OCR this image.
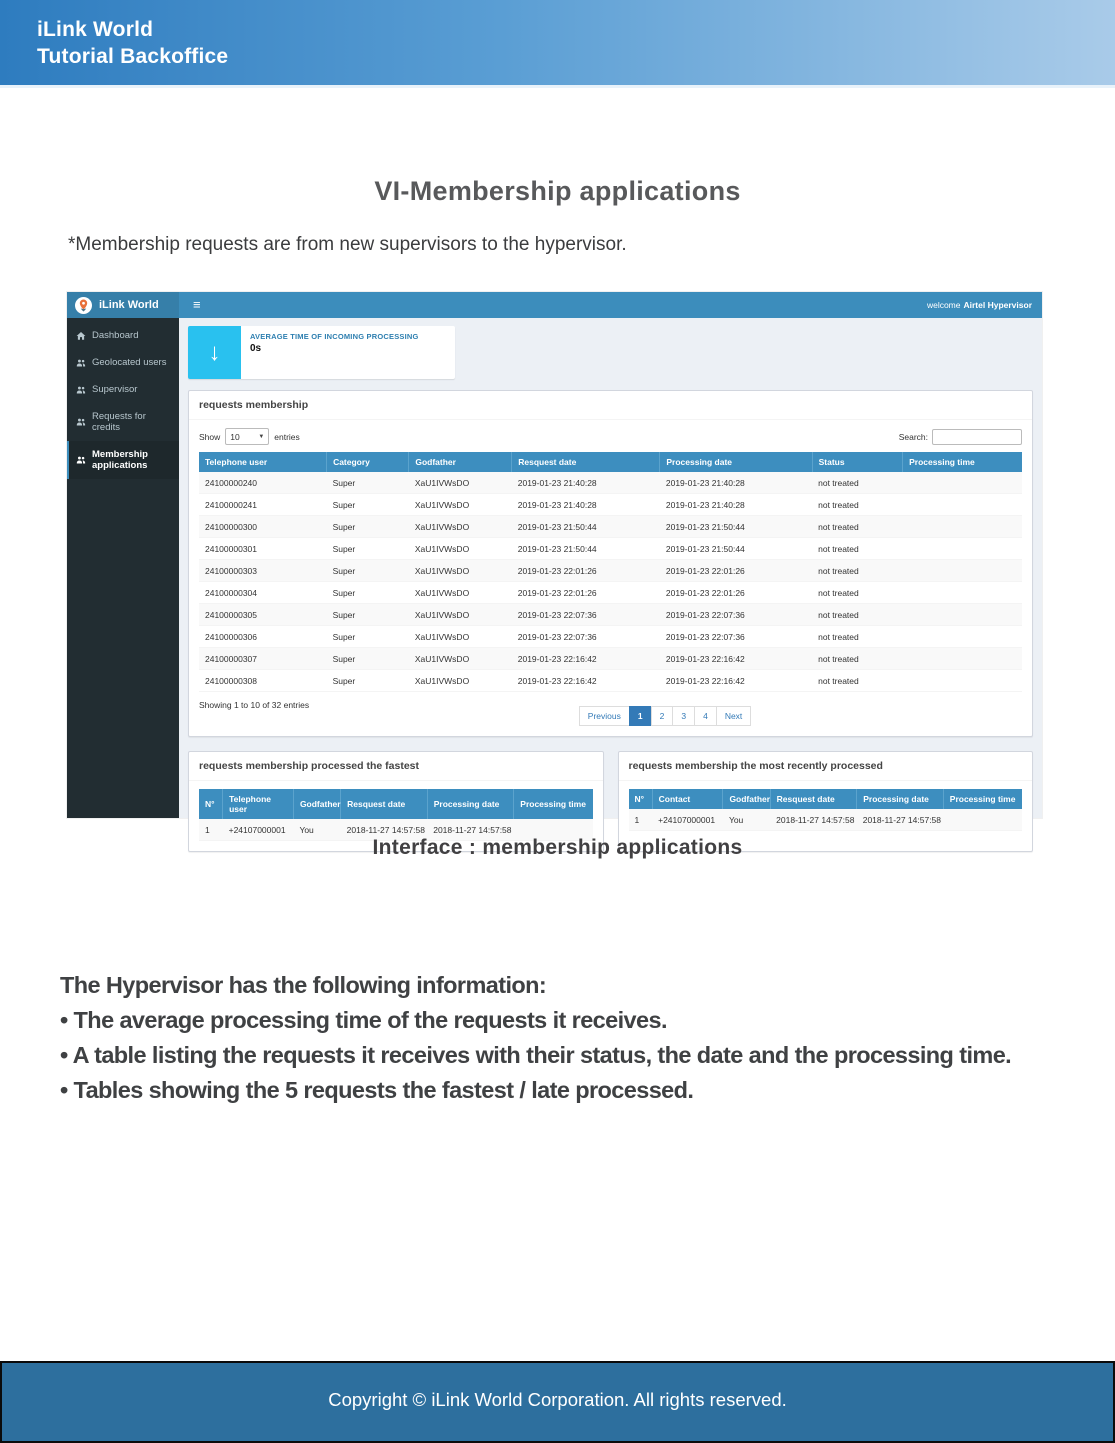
iLink World
Tutorial Backoffice
VI-Membership applications
*Membership requests are from new supervisors to the hypervisor.
iLink World	≡	welcome Airtel Hypervisor
Dashboard
Geolocated users
Supervisor
Requests for credits
Membership applications
↓
AVERAGE TIME OF INCOMING PROCESSING
0s
requests membership
Show 10	▼ entries	Search:
Telephone user	Category	Godfather	Resquest date	Processing date	Status	Processing time
24100000240	Super	XaU1IVWsDO	2019-01-23 21:40:28	2019-01-23 21:40:28	not treated	
24100000241	Super	XaU1IVWsDO	2019-01-23 21:40:28	2019-01-23 21:40:28	not treated	
24100000300	Super	XaU1IVWsDO	2019-01-23 21:50:44	2019-01-23 21:50:44	not treated	
24100000301	Super	XaU1IVWsDO	2019-01-23 21:50:44	2019-01-23 21:50:44	not treated	
24100000303	Super	XaU1IVWsDO	2019-01-23 22:01:26	2019-01-23 22:01:26	not treated	
24100000304	Super	XaU1IVWsDO	2019-01-23 22:01:26	2019-01-23 22:01:26	not treated	
24100000305	Super	XaU1IVWsDO	2019-01-23 22:07:36	2019-01-23 22:07:36	not treated	
24100000306	Super	XaU1IVWsDO	2019-01-23 22:07:36	2019-01-23 22:07:36	not treated	
24100000307	Super	XaU1IVWsDO	2019-01-23 22:16:42	2019-01-23 22:16:42	not treated	
24100000308	Super	XaU1IVWsDO	2019-01-23 22:16:42	2019-01-23 22:16:42	not treated	
Showing 1 to 10 of 32 entries
Previous	1	2	3	4	Next
requests membership processed the fastest
N°	Telephone user	Godfather	Resquest date	Processing date	Processing time
1	+24107000001	You	2018-11-27 14:57:58	2018-11-27 14:57:58	
requests membership the most recently processed
N°	Contact	Godfather	Resquest date	Processing date	Processing time
1	+24107000001	You	2018-11-27 14:57:58	2018-11-27 14:57:58	
Interface : membership applications
The Hypervisor has the following information:
• The average processing time of the requests it receives.
• A table listing the requests it receives with their status, the date and the processing time.
• Tables showing the 5 requests the fastest / late processed.
Copyright © iLink World Corporation. All rights reserved.
